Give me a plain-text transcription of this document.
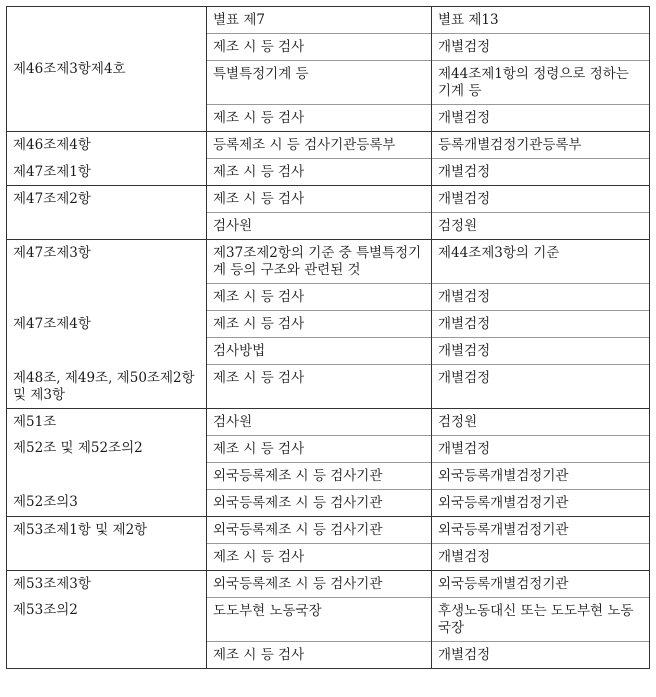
제46조제3항제4호	별표 제7	별표 제13
	제조 시 등 검사	개별검정
	특별특정기계 등	제44조제1항의 정령으로 정하는 기계 등
	제조 시 등 검사	개별검정
제46조제4항	등록제조 시 등 검사기관등록부	등록개별검정기관등록부
제47조제1항	제조 시 등 검사	개별검정
제47조제2항	제조 시 등 검사	개별검정
	검사원	검정원
제47조제3항	제37조제2항의 기준 중 특별특정기계 등의 구조와 관련된 것	제44조제3항의 기준
	제조 시 등 검사	개별검정
제47조제4항	제조 시 등 검사	개별검정
	검사방법	개별검정
제48조, 제49조, 제50조제2항 및 제3항	제조 시 등 검사	개별검정
제51조	검사원	검정원
제52조 및 제52조의2	제조 시 등 검사	개별검정
	외국등록제조 시 등 검사기관	외국등록개별검정기관
제52조의3	외국등록제조 시 등 검사기관	외국등록개별검정기관
제53조제1항 및 제2항	외국등록제조 시 등 검사기관	외국등록개별검정기관
	제조 시 등 검사	개별검정
제53조제3항	외국등록제조 시 등 검사기관	외국등록개별검정기관
제53조의2	도도부현 노동국장	후생노동대신 또는 도도부현 노동국장
	제조 시 등 검사	개별검정
